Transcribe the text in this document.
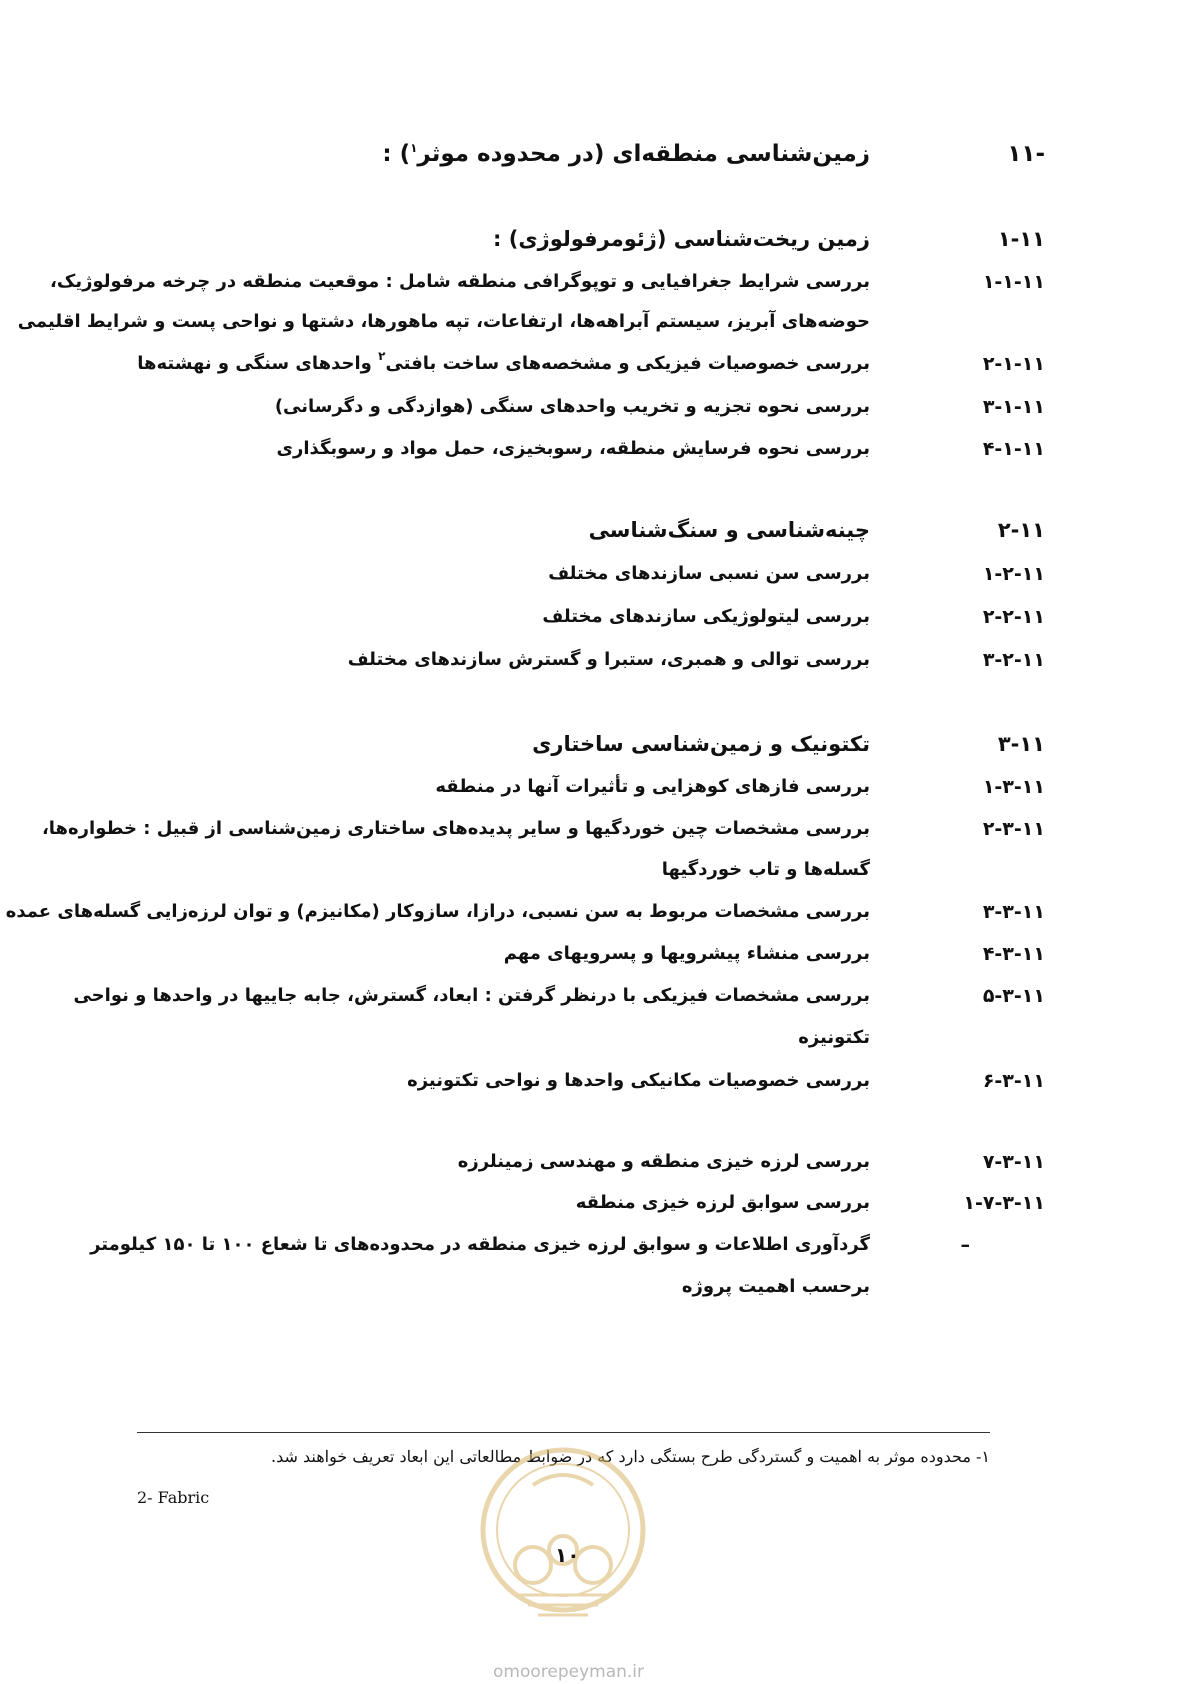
-۱۱
زمین‌شناسی منطقه‌ای (در محدوده موثر$^۱$) :
۱-۱۱
زمین ریخت‌شناسی (ژئومرفولوژی) :
۱-۱-۱۱
بررسی شرایط جغرافیایی و توپوگرافی منطقه شامل : موقعیت منطقه در چرخه مرفولوژیک،
حوضه‌های آبریز، سیستم آبراهه‌ها، ارتفاعات، تپه ماهورها، دشتها و نواحی پست و شرایط اقلیمی
۲-۱-۱۱
بررسی خصوصیات فیزیکی و مشخصه‌های ساخت بافتی$^۲$ واحدهای سنگی و نهشته‌ها
۳-۱-۱۱
بررسی نحوه تجزیه و تخریب واحدهای سنگی (هوازدگی و دگرسانی)
۴-۱-۱۱
بررسی نحوه فرسایش منطقه، رسوبخیزی، حمل مواد و رسوبگذاری
۲-۱۱
چینه‌شناسی و سنگ‌شناسی
۱-۲-۱۱
بررسی سن نسبی سازندهای مختلف
۲-۲-۱۱
بررسی لیتولوژیکی سازندهای مختلف
۳-۲-۱۱
بررسی توالی و همبری، ستبرا و گسترش سازندهای مختلف
۳-۱۱
تکتونیک و زمین‌شناسی ساختاری
۱-۳-۱۱
بررسی فازهای کوهزایی و تأثیرات آنها در منطقه
۲-۳-۱۱
بررسی مشخصات چین خوردگیها و سایر پدیده‌های ساختاری زمین‌شناسی از قبیل : خطواره‌ها،
گسله‌ها و تاب خوردگیها
۳-۳-۱۱
بررسی مشخصات مربوط به سن نسبی، درازا، سازوکار (مکانیزم) و توان لرزه‌زایی گسله‌های عمده
۴-۳-۱۱
بررسی منشاء پیشرویها و پسرویهای مهم
۵-۳-۱۱
بررسی مشخصات فیزیکی با درنظر گرفتن : ابعاد، گسترش، جابه جاییها در واحدها و نواحی
تکتونیزه
۶-۳-۱۱
بررسی خصوصیات مکانیکی واحدها و نواحی تکتونیزه
۷-۳-۱۱
بررسی لرزه خیزی منطقه و مهندسی زمینلرزه
۱-۷-۳-۱۱
بررسی سوابق لرزه خیزی منطقه
–
گردآوری اطلاعات و سوابق لرزه خیزی منطقه در محدوده‌های تا شعاع ۱۰۰ تا ۱۵۰ کیلومتر
برحسب اهمیت پروژه
۱- محدوده موثر به اهمیت و گستردگی طرح بستگی دارد که در ضوابط مطالعاتی این ابعاد تعریف خواهند شد.
2- Fabric
۱۰
omoorepeyman.ir
